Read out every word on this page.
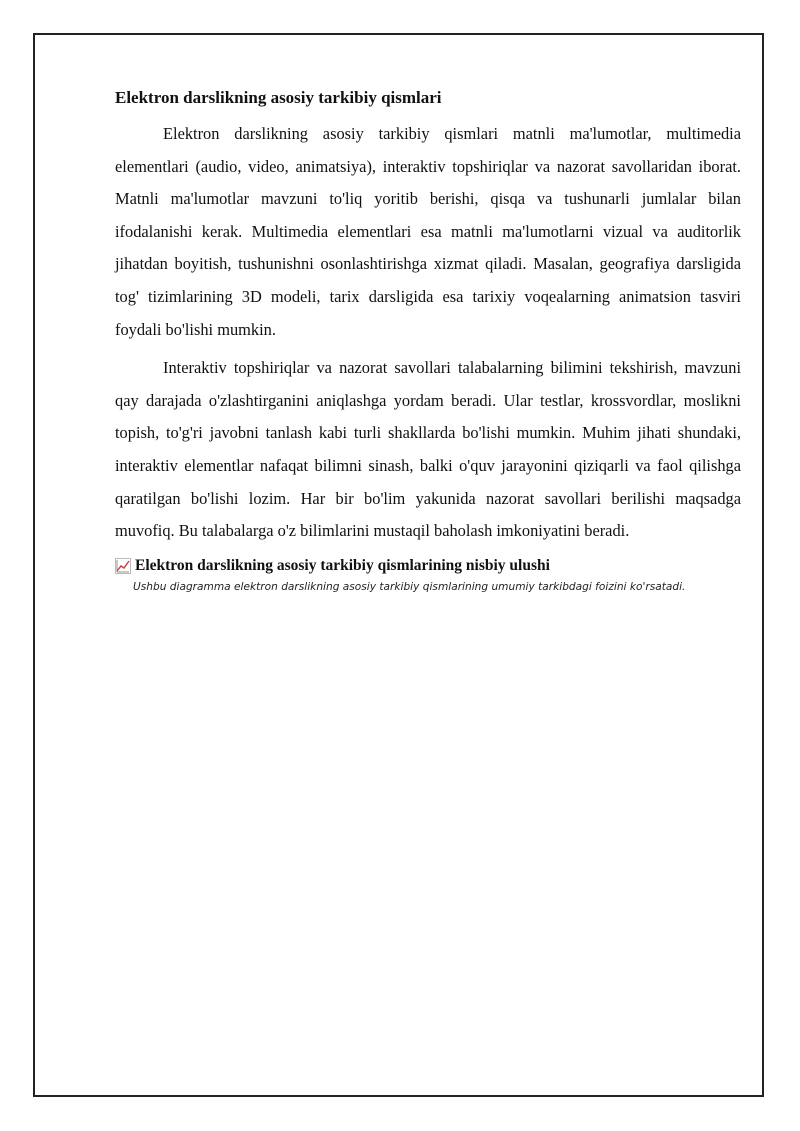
Elektron darslikning asosiy tarkibiy qismlari

Elektron darslikning asosiy tarkibiy qismlari matnli ma'lumotlar, multimedia elementlari (audio, video, animatsiya), interaktiv topshiriqlar va nazorat savollaridan iborat. Matnli ma'lumotlar mavzuni to'liq yoritib berishi, qisqa va tushunarli jumlalar bilan ifodalanishi kerak. Multimedia elementlari esa matnli ma'lumotlarni vizual va auditorlik jihatdan boyitish, tushunishni osonlashtirishga xizmat qiladi. Masalan, geografiya darsligida tog' tizimlarining 3D modeli, tarix darsligida esa tarixiy voqealarning animatsion tasviri foydali bo'lishi mumkin.

Interaktiv topshiriqlar va nazorat savollari talabalarning bilimini tekshirish, mavzuni qay darajada o'zlashtirganini aniqlashga yordam beradi. Ular testlar, krossvordlar, moslikni topish, to'g'ri javobni tanlash kabi turli shakllarda bo'lishi mumkin. Muhim jihati shundaki, interaktiv elementlar nafaqat bilimni sinash, balki o'quv jarayonini qiziqarli va faol qilishga qaratilgan bo'lishi lozim. Har bir bo'lim yakunida nazorat savollari berilishi maqsadga muvofiq. Bu talabalarga o'z bilimlarini mustaqil baholash imkoniyatini beradi.

Elektron darslikning asosiy tarkibiy qismlarining nisbiy ulushi
Ushbu diagramma elektron darslikning asosiy tarkibiy qismlarining umumiy tarkibdagi foizini ko'rsatadi.
